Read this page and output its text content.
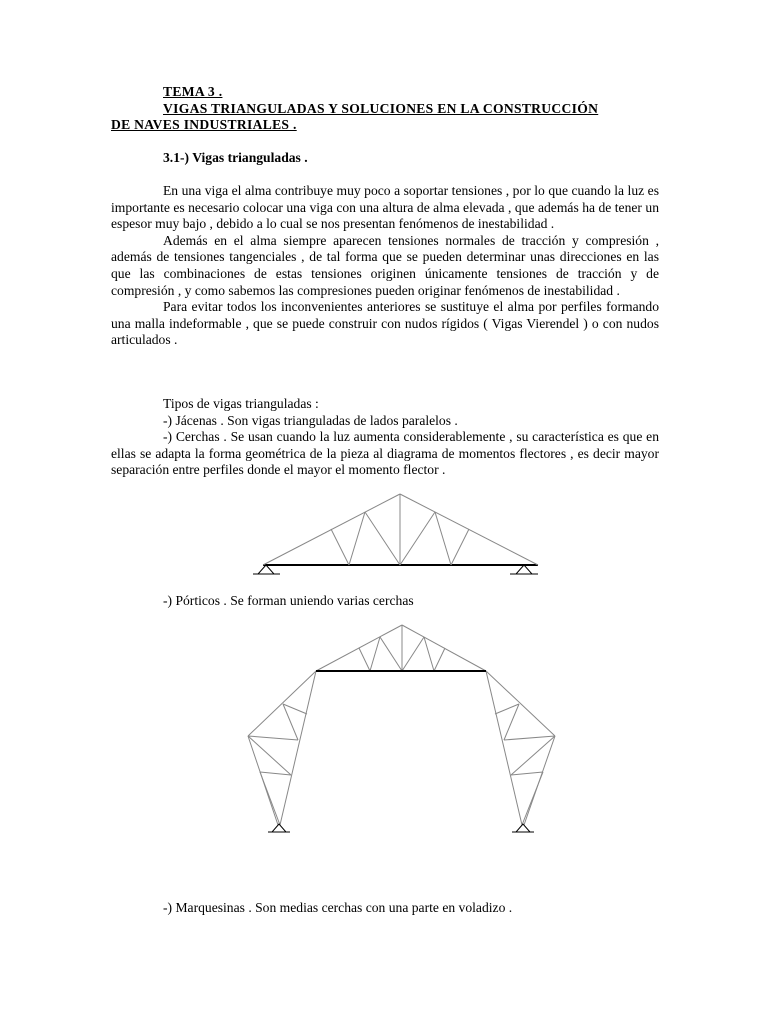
TEMA 3 .
VIGAS TRIANGULADAS Y SOLUCIONES EN LA CONSTRUCCIÓN
DE NAVES INDUSTRIALES .
3.1-) Vigas trianguladas .

En una viga el alma contribuye muy poco a soportar tensiones , por lo que cuando la luz es importante es necesario colocar una viga con una altura de alma elevada , que además ha de tener un espesor muy bajo , debido a lo cual se nos presentan fenómenos de inestabilidad .

Además en el alma siempre aparecen tensiones normales de tracción y compresión , además de tensiones tangenciales , de tal forma que se pueden determinar unas direcciones en las que las combinaciones de estas tensiones originen únicamente tensiones de tracción y de compresión , y como sabemos las compresiones pueden originar fenómenos de inestabilidad .

Para evitar todos los inconvenientes anteriores se sustituye el alma por perfiles formando una malla indeformable , que se puede construir con nudos rígidos ( Vigas Vierendel ) o con nudos articulados .

Tipos de vigas trianguladas :

-) Jácenas . Son vigas trianguladas de lados paralelos .

-) Cerchas . Se usan cuando la luz aumenta considerablemente , su característica es que en ellas se adapta la forma geométrica de la pieza al diagrama de momentos flectores , es decir mayor separación entre perfiles donde el mayor el momento flector .

-) Pórticos . Se forman uniendo varias cerchas

-) Marquesinas . Son medias cerchas con una parte en voladizo .
